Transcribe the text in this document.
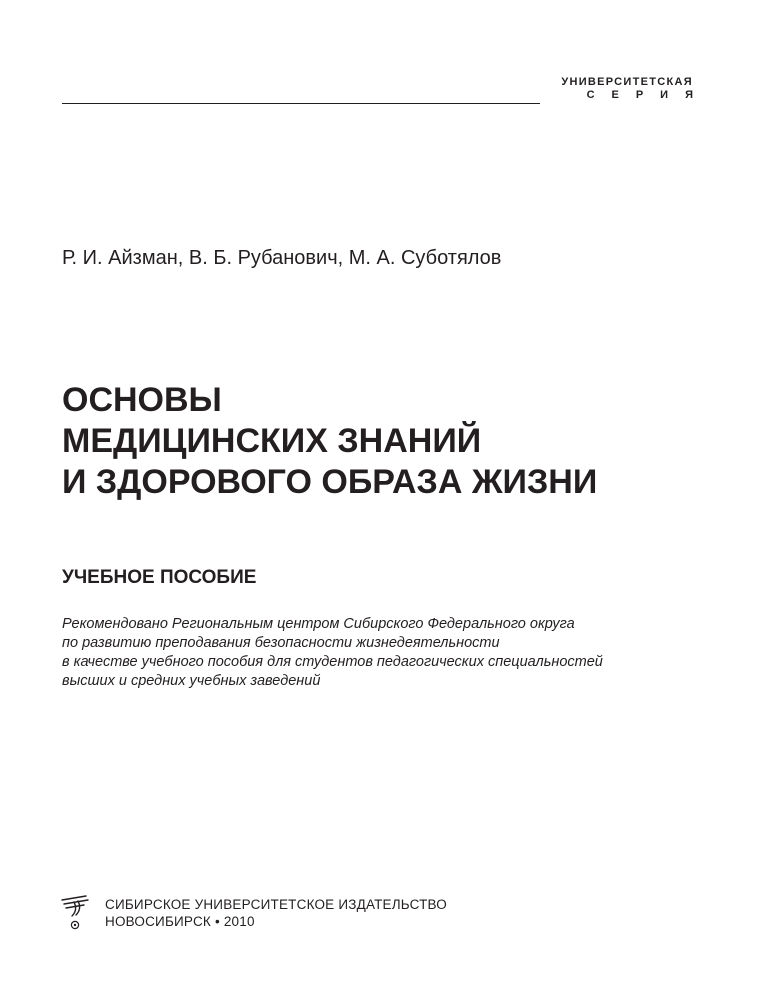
УНИВЕРСИТЕТСКАЯ
СЕРИЯ
Р. И. Айзман, В. Б. Рубанович, М. А. Суботялов
ОСНОВЫ
МЕДИЦИНСКИХ ЗНАНИЙ
И ЗДОРОВОГО ОБРАЗА ЖИЗНИ
УЧЕБНОЕ ПОСОБИЕ
Рекомендовано Региональным центром Сибирского Федерального округа
по развитию преподавания безопасности жизнедеятельности
в качестве учебного пособия для студентов педагогических специальностей
высших и средних учебных заведений
СИБИРСКОЕ УНИВЕРСИТЕТСКОЕ ИЗДАТЕЛЬСТВО
НОВОСИБИРСК • 2010
